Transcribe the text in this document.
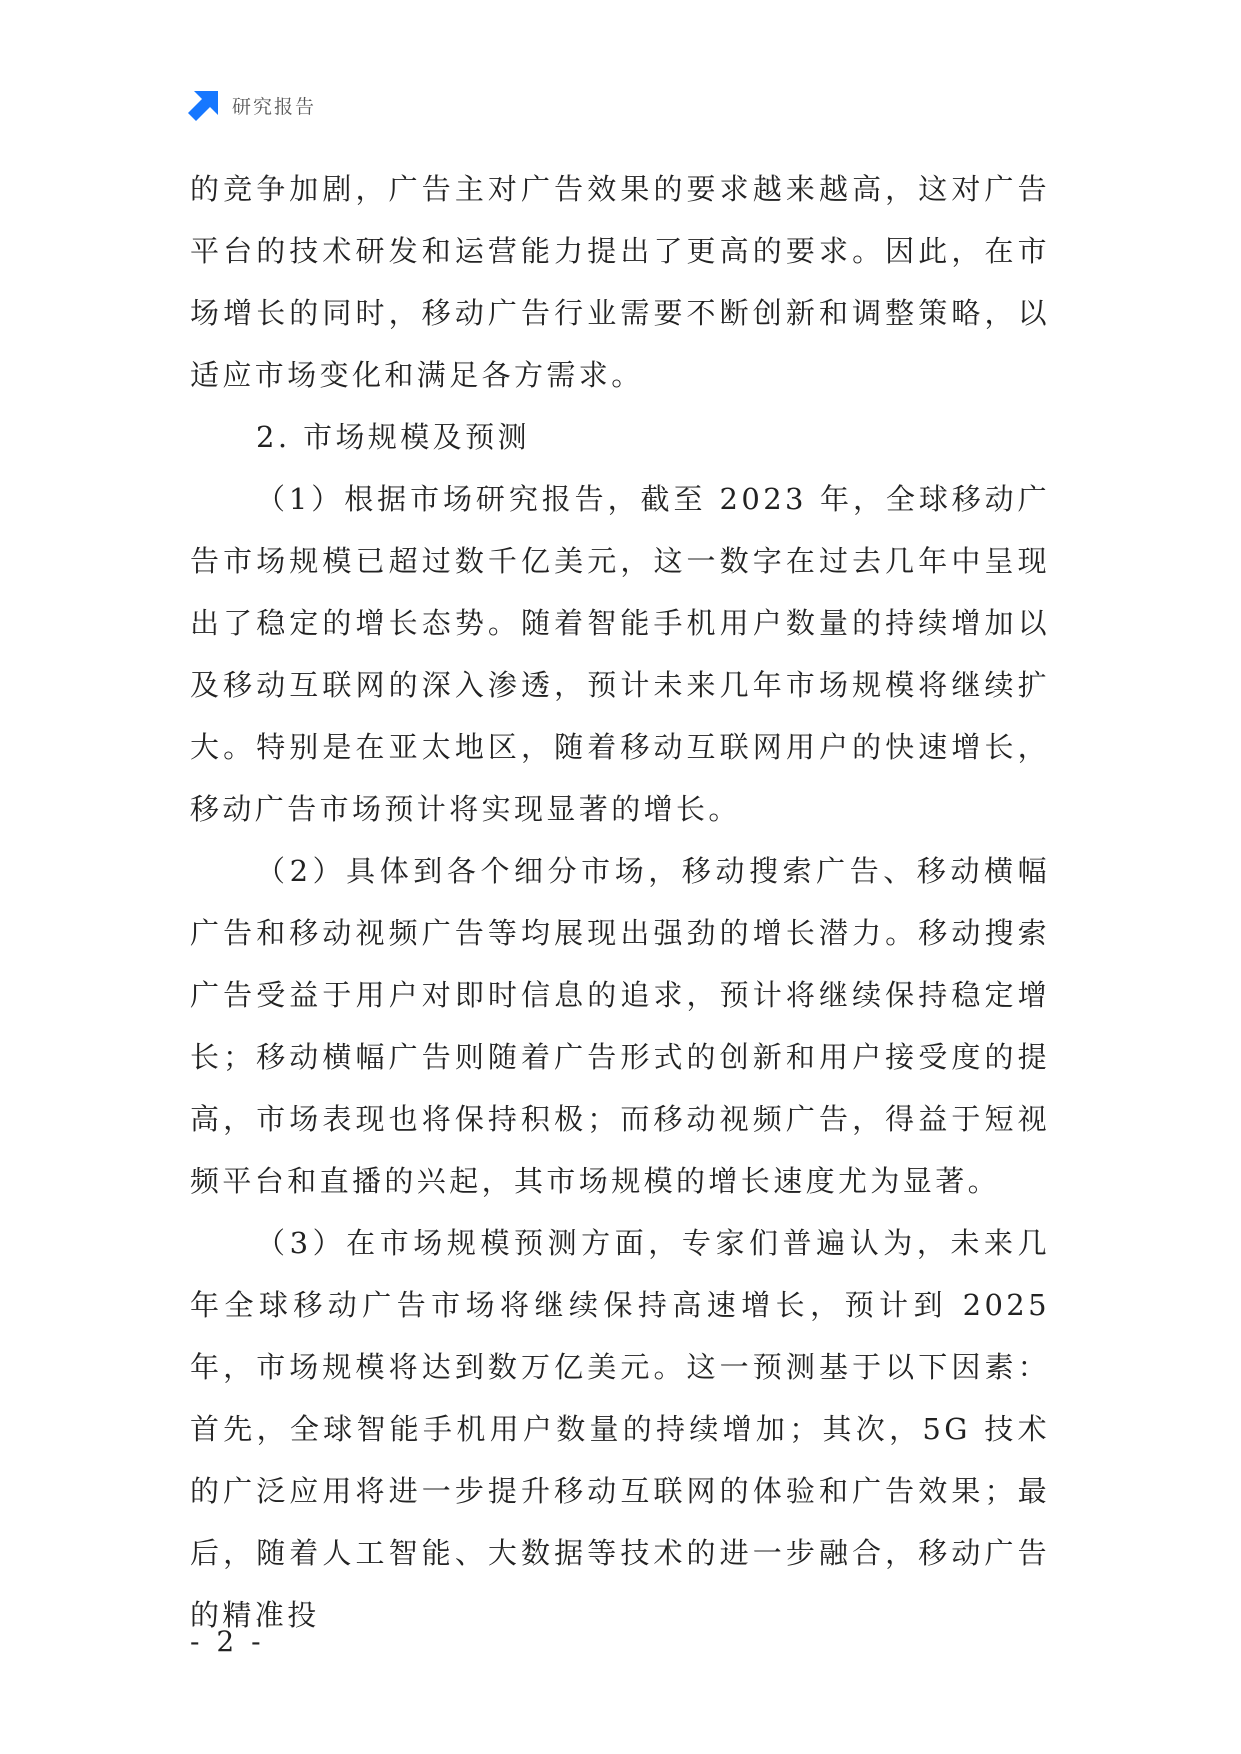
研究报告

的竞争加剧，广告主对广告效果的要求越来越高，这对广告平台的技术研发和运营能力提出了更高的要求。因此，在市场增长的同时，移动广告行业需要不断创新和调整策略，以适应市场变化和满足各方需求。

2. 市场规模及预测

（1）根据市场研究报告，截至 2023 年，全球移动广告市场规模已超过数千亿美元，这一数字在过去几年中呈现出了稳定的增长态势。随着智能手机用户数量的持续增加以及移动互联网的深入渗透，预计未来几年市场规模将继续扩大。特别是在亚太地区，随着移动互联网用户的快速增长，移动广告市场预计将实现显著的增长。

（2）具体到各个细分市场，移动搜索广告、移动横幅广告和移动视频广告等均展现出强劲的增长潜力。移动搜索广告受益于用户对即时信息的追求，预计将继续保持稳定增长；移动横幅广告则随着广告形式的创新和用户接受度的提高，市场表现也将保持积极；而移动视频广告，得益于短视频平台和直播的兴起，其市场规模的增长速度尤为显著。

（3）在市场规模预测方面，专家们普遍认为，未来几年全球移动广告市场将继续保持高速增长，预计到 2025 年，市场规模将达到数万亿美元。这一预测基于以下因素：首先，全球智能手机用户数量的持续增加；其次，5G 技术的广泛应用将进一步提升移动互联网的体验和广告效果；最后，随着人工智能、大数据等技术的进一步融合，移动广告的精准投

- 2 -
